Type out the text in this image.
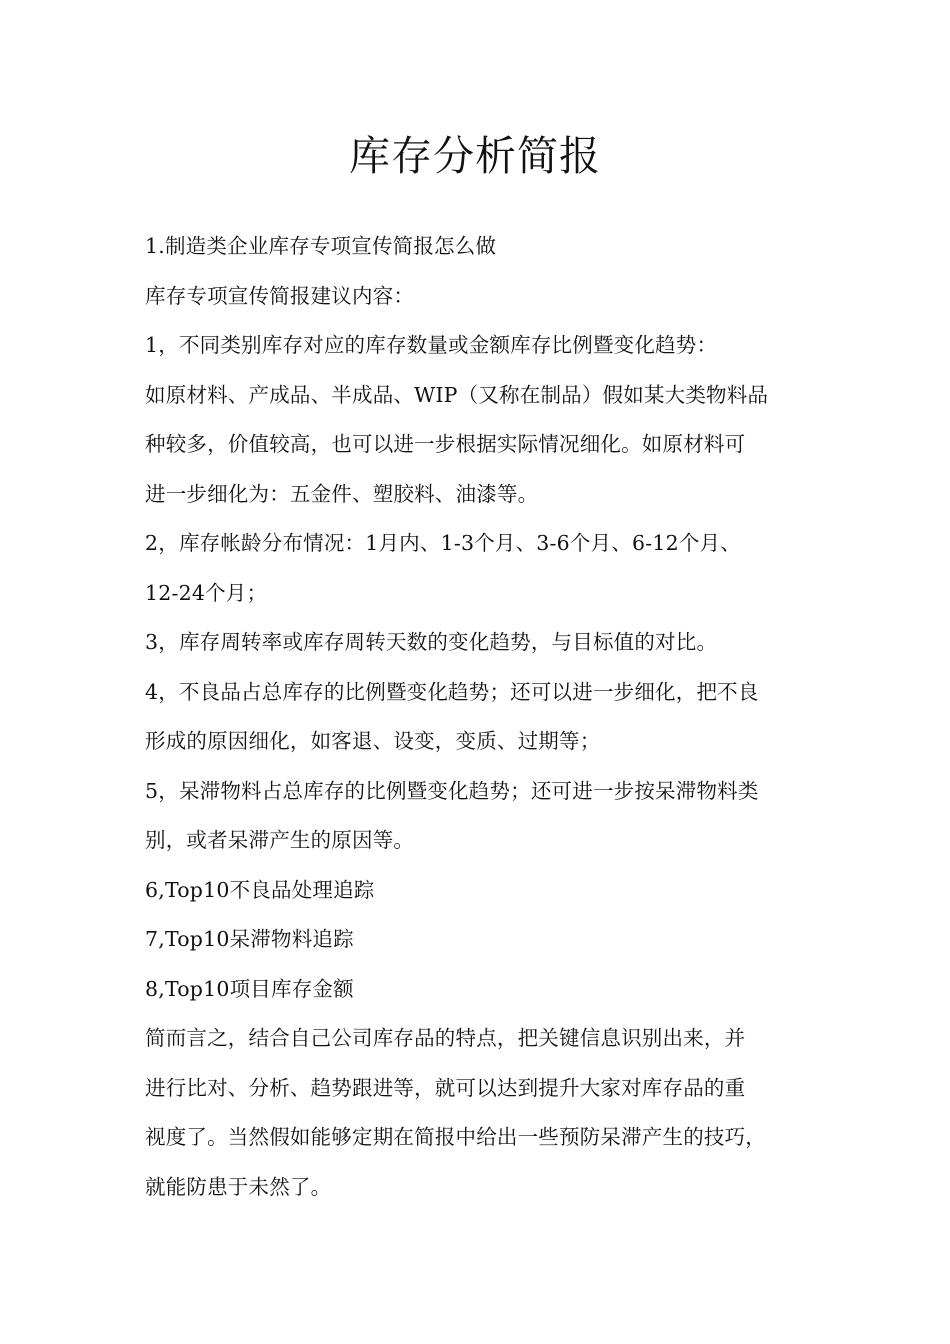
库存分析简报
1.制造类企业库存专项宣传简报怎么做
库存专项宣传简报建议内容：
1，不同类别库存对应的库存数量或金额库存比例暨变化趋势：
如原材料、产成品、半成品、WIP（又称在制品）假如某大类物料品
种较多，价值较高，也可以进一步根据实际情况细化。如原材料可
进一步细化为：五金件、塑胶料、油漆等。
2，库存帐龄分布情况：1月内、1-3个月、3-6个月、6-12个月、
12-24个月；
3，库存周转率或库存周转天数的变化趋势，与目标值的对比。
4，不良品占总库存的比例暨变化趋势；还可以进一步细化，把不良
形成的原因细化，如客退、设变，变质、过期等；
5，呆滞物料占总库存的比例暨变化趋势；还可进一步按呆滞物料类
别，或者呆滞产生的原因等。
6,Top10不良品处理追踪
7,Top10呆滞物料追踪
8,Top10项目库存金额
简而言之，结合自己公司库存品的特点，把关键信息识别出来，并
进行比对、分析、趋势跟进等，就可以达到提升大家对库存品的重
视度了。当然假如能够定期在简报中给出一些预防呆滞产生的技巧，
就能防患于未然了。
